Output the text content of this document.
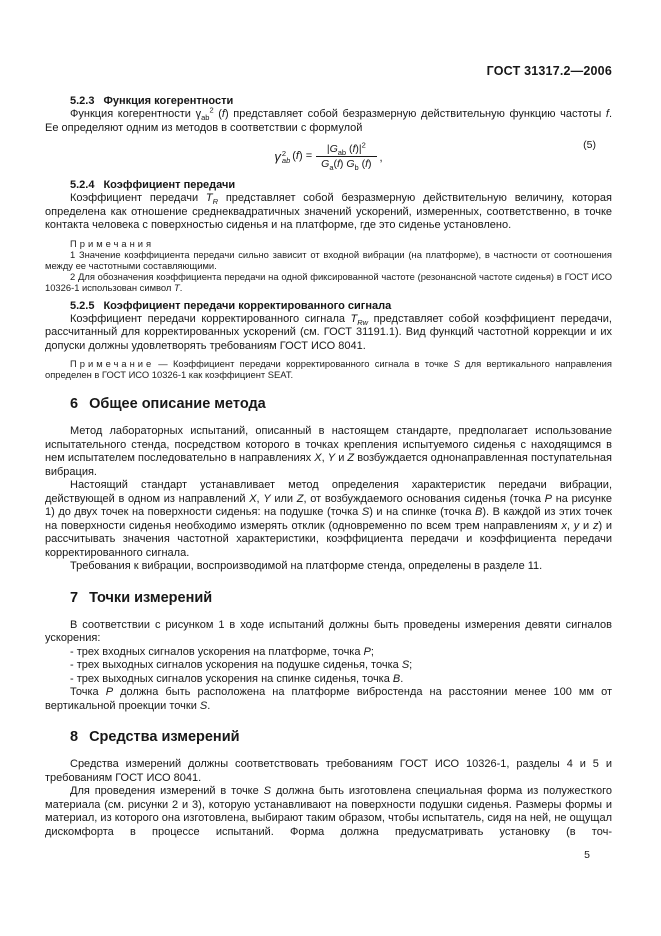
ГОСТ 31317.2—2006
5.2.3 Функция когерентности

Функция когерентности $\gamma_{ab}^2$ (f) представляет собой безразмерную действительную функцию частоты f. Ее определяют одним из методов в соответствии с формулой

γ 2
ab $(f) = \frac{|G_{ab} (f)|^2}{G_a(f) G_b (f)}$ ,
(5)
5.2.4 Коэффициент передачи

Коэффициент передачи $T_R$ представляет собой безразмерную действительную величину, которая определена как отношение среднеквадратичных значений ускорений, измеренных, соответственно, в точке контакта человека с поверхностью сиденья и на платформе, где это сиденье установлено.

Примечания

1 Значение коэффициента передачи сильно зависит от входной вибрации (на платформе), в частности от соотношения между ее частотными составляющими.

2 Для обозначения коэффициента передачи на одной фиксированной частоте (резонансной частоте сиденья) в ГОСТ ИСО 10326-1 использован символ T.

5.2.5 Коэффициент передачи корректированного сигнала

Коэффициент передачи корректированного сигнала $T_{Rw}$ представляет собой коэффициент передачи, рассчитанный для корректированных ускорений (см. ГОСТ 31191.1). Вид функций частотной коррекции и их допуски должны удовлетворять требованиям ГОСТ ИСО 8041.

Примечание — Коэффициент передачи корректированного сигнала в точке S для вертикального направления определен в ГОСТ ИСО 10326-1 как коэффициент SEAT.

6 Общее описание метода

Метод лабораторных испытаний, описанный в настоящем стандарте, предполагает использование испытательного стенда, посредством которого в точках крепления испытуемого сиденья с находящимся в нем испытателем последовательно в направлениях X, Y и Z возбуждается однонаправленная поступательная вибрация.

Настоящий стандарт устанавливает метод определения характеристик передачи вибрации, действующей в одном из направлений X, Y или Z, от возбуждаемого основания сиденья (точка P на рисунке 1) до двух точек на поверхности сиденья: на подушке (точка S) и на спинке (точка B). В каждой из этих точек на поверхности сиденья необходимо измерять отклик (одновременно по всем трем направлениям x, y и z) и рассчитывать значения частотной характеристики, коэффициента передачи и коэффициента передачи корректированного сигнала.

Требования к вибрации, воспроизводимой на платформе стенда, определены в разделе 11.

7 Точки измерений

В соответствии с рисунком 1 в ходе испытаний должны быть проведены измерения девяти сигналов ускорения:

- трех входных сигналов ускорения на платформе, точка P;

- трех выходных сигналов ускорения на подушке сиденья, точка S;

- трех выходных сигналов ускорения на спинке сиденья, точка B.

Точка P должна быть расположена на платформе вибростенда на расстоянии менее 100 мм от вертикальной проекции точки S.

8 Средства измерений

Средства измерений должны соответствовать требованиям ГОСТ ИСО 10326-1, разделы 4 и 5 и требованиям ГОСТ ИСО 8041.

Для проведения измерений в точке S должна быть изготовлена специальная форма из полужесткого материала (см. рисунки 2 и 3), которую устанавливают на поверхности подушки сиденья. Размеры формы и материал, из которого она изготовлена, выбирают таким образом, чтобы испытатель, сидя на ней, не ощущал дискомфорта в процессе испытаний. Форма должна предусматривать установку (в точ-

5
